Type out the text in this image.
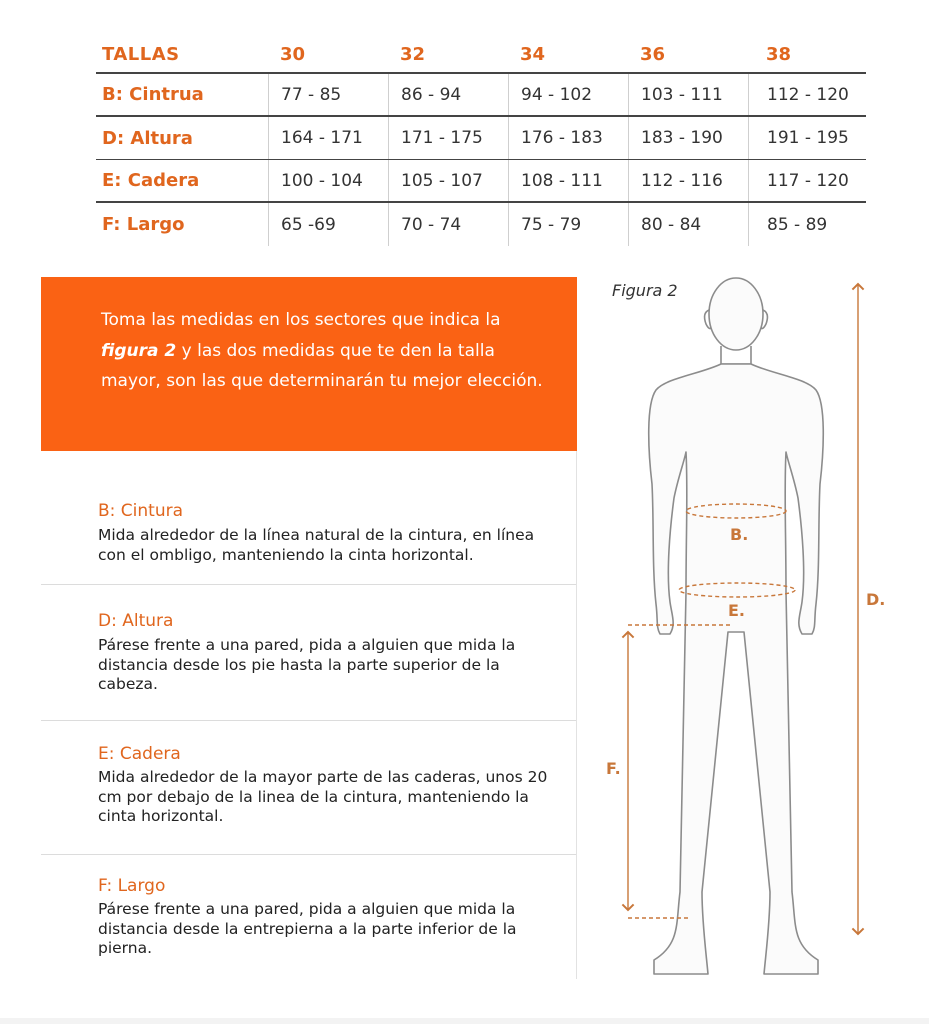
TALLAS	30	32	34	36	38
B: Cintrua	77 - 85	86 - 94	94 - 102	103 - 111	112 - 120
D: Altura	164 - 171	171 - 175	176 - 183	183 - 190	191 - 195
E: Cadera	100 - 104	105 - 107	108 - 111	112 - 116	117 - 120
F: Largo	65 -69	70 - 74	75 - 79	80 - 84	85 - 89

Toma las medidas en los sectores que indica la figura 2 y las dos medidas que te den la talla mayor, son las que determinarán tu mejor elección.

B: Cintura
Mida alrededor de la línea natural de la cintura, en línea con el ombligo, manteniendo la cinta horizontal.
D: Altura
Párese frente a una pared, pida a alguien que mida la distancia desde los pie hasta la parte superior de la cabeza.
E: Cadera
Mida alrededor de la mayor parte de las caderas, unos 20 cm por debajo de la linea de la cintura, manteniendo la cinta horizontal.
F: Largo
Párese frente a una pared, pida a alguien que mida la distancia desde la entrepierna a la parte inferior de la pierna.
Figura 2
B.
E.
D.
F.
